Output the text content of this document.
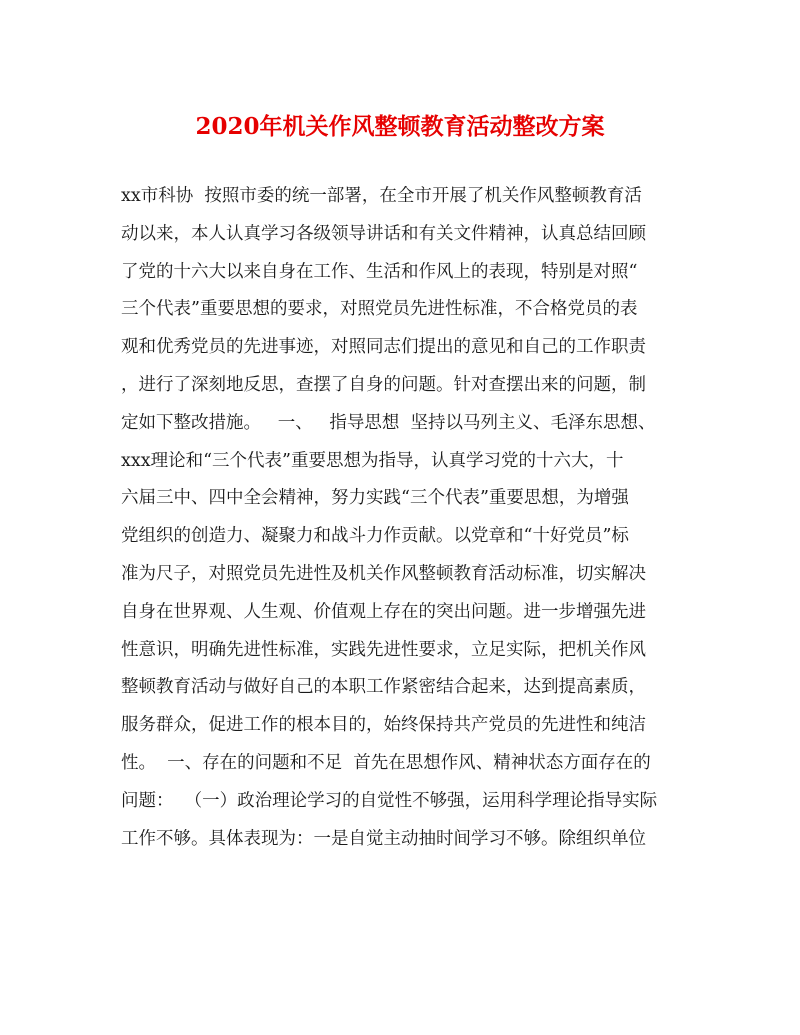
2020年机关作风整顿教育活动整改方案
xx市科协  按照市委的统一部署，在全市开展了机关作风整顿教育活
动以来，本人认真学习各级领导讲话和有关文件精神，认真总结回顾
了党的十六大以来自身在工作、生活和作风上的表现，特别是对照“
三个代表”重要思想的要求，对照党员先进性标准，不合格党员的表
观和优秀党员的先进事迹，对照同志们提出的意见和自己的工作职责
，进行了深刻地反思，查摆了自身的问题。针对查摆出来的问题，制
定如下整改措施。   一、   指导思想  坚持以马列主义、毛泽东思想、
xxx理论和“三个代表”重要思想为指导，认真学习党的十六大，十
六届三中、四中全会精神，努力实践“三个代表”重要思想，为增强
党组织的创造力、凝聚力和战斗力作贡献。以党章和“十好党员”标
准为尺子，对照党员先进性及机关作风整顿教育活动标准，切实解决
自身在世界观、人生观、价值观上存在的突出问题。进一步增强先进
性意识，明确先进性标准，实践先进性要求，立足实际，把机关作风
整顿教育活动与做好自己的本职工作紧密结合起来，达到提高素质，
服务群众，促进工作的根本目的，始终保持共产党员的先进性和纯洁
性。  一、存在的问题和不足  首先在思想作风、精神状态方面存在的
问题：  （一）政治理论学习的自觉性不够强，运用科学理论指导实际
工作不够。具体表现为：一是自觉主动抽时间学习不够。除组织单位
